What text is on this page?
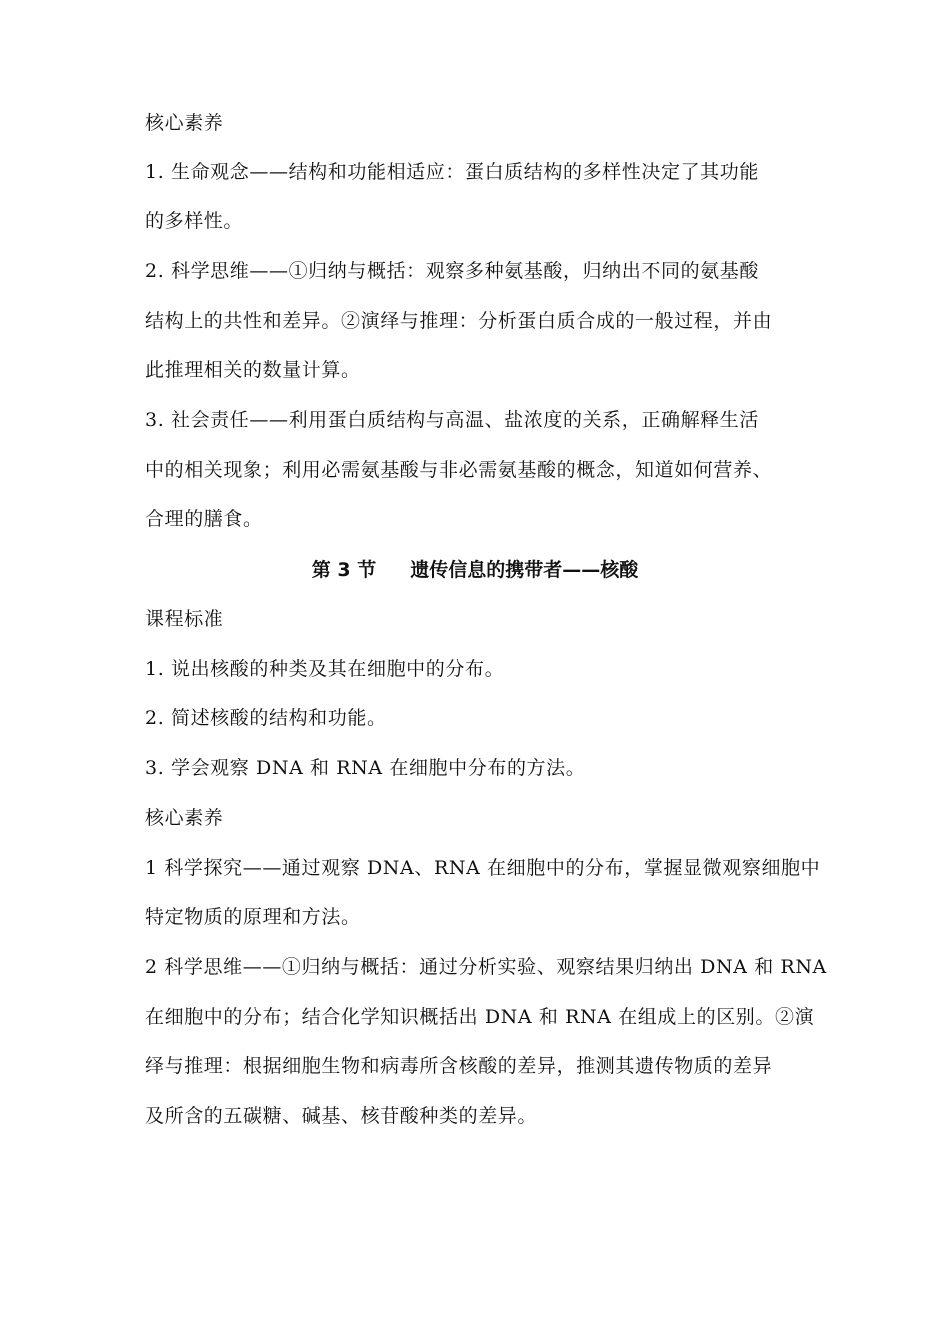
核心素养
1. 生命观念——结构和功能相适应：蛋白质结构的多样性决定了其功能
的多样性。
2. 科学思维——①归纳与概括：观察多种氨基酸，归纳出不同的氨基酸
结构上的共性和差异。②演绎与推理：分析蛋白质合成的一般过程，并由
此推理相关的数量计算。
3. 社会责任——利用蛋白质结构与高温、盐浓度的关系，正确解释生活
中的相关现象；利用必需氨基酸与非必需氨基酸的概念，知道如何营养、
合理的膳食。
第 3 节 遗传信息的携带者——核酸
课程标准
1. 说出核酸的种类及其在细胞中的分布。
2. 简述核酸的结构和功能。
3. 学会观察 DNA 和 RNA 在细胞中分布的方法。
核心素养
1 科学探究——通过观察 DNA、RNA 在细胞中的分布，掌握显微观察细胞中
特定物质的原理和方法。
2 科学思维——①归纳与概括：通过分析实验、观察结果归纳出 DNA 和 RNA
在细胞中的分布；结合化学知识概括出 DNA 和 RNA 在组成上的区别。②演
绎与推理：根据细胞生物和病毒所含核酸的差异，推测其遗传物质的差异
及所含的五碳糖、碱基、核苷酸种类的差异。
